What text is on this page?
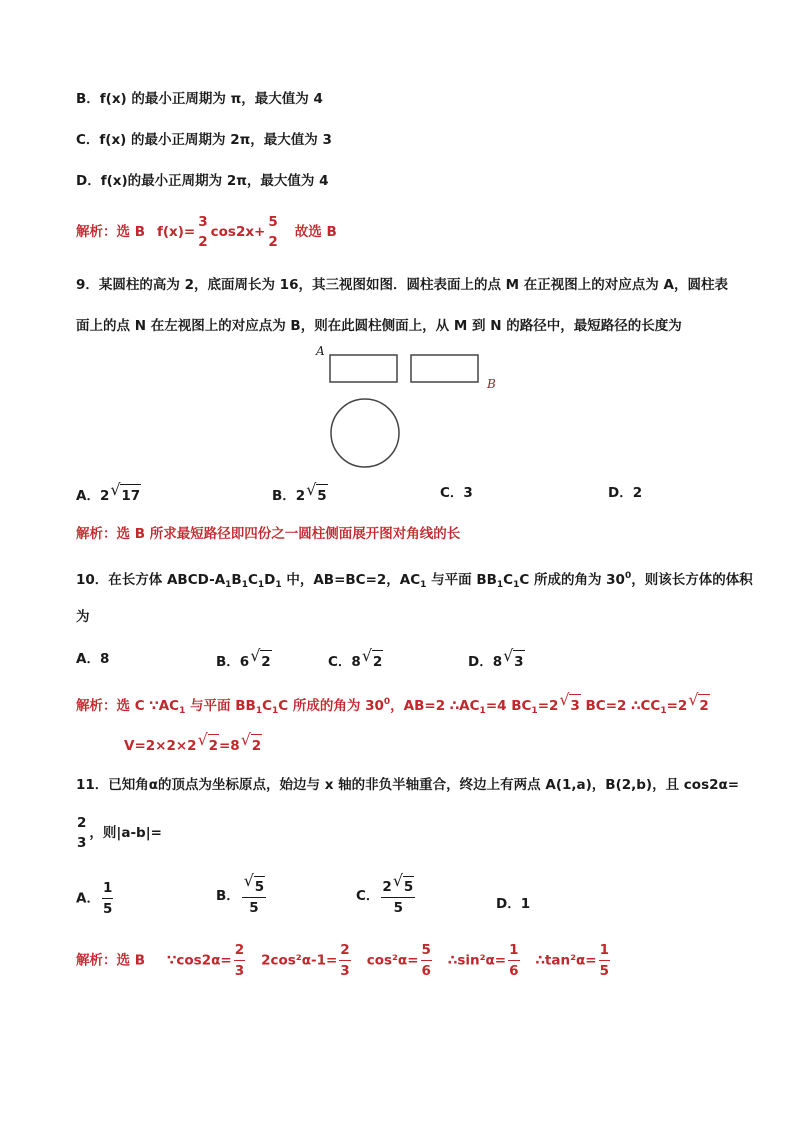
B．f(x) 的最小正周期为 π，最大值为 4
C．f(x) 的最小正周期为 2π，最大值为 3
D．f(x)的最小正周期为 2π，最大值为 4
解析：选 B f(x)=
3
2
cos2x+
5
2
故选 B
9．某圆柱的高为 2，底面周长为 16，其三视图如图．圆柱表面上的点 M 在正视图上的对应点为 A，圆柱表
面上的点 N 在左视图上的对应点为 B，则在此圆柱侧面上，从 M 到 N 的路径中，最短路径的长度为
A
B
A．2 √ 17	B．2 √ 5	C．3	D．2
解析：选 B 所求最短路径即四份之一圆柱侧面展开图对角线的长
10．在长方体 ABCD-$A_1B_1C_1D_1$ 中，AB=BC=2，$AC_1$ 与平面 $BB_1C_1C$ 所成的角为 $30^0$，则该长方体的体积
为
A．8	B．6 √ 2	C．8 √ 2	D．8 √ 3
解析：选 C $\because AC_1$ 与平面 $BB_1C_1C$ 所成的角为 $30^0$，AB=2 $\therefore AC_1=4$ $BC_1=2$ √ 3 BC=2 $\therefore CC_1=2$ √ 2
V=2×2×2 √ 2=8 √ 2
11．已知角α的顶点为坐标原点，始边与 x 轴的非负半轴重合，终边上有两点 A(1,a)，B(2,b)，且 cos2α=
2
3
，则|a-b|=
A． $\frac{1}{5}$	B． $\frac{√ 5}{5}$	C． $\frac{2 √ 5}{5}$	D．1
解析：选 B ∵cos2α= $\frac{2}{3} 2\cos^2\alpha-1= \frac{2}{3} \cos^2\alpha= \frac{5}{6}$ ∴sin²α= $\frac{1}{6}$ ∴tan²α= $\frac{1}{5}$
